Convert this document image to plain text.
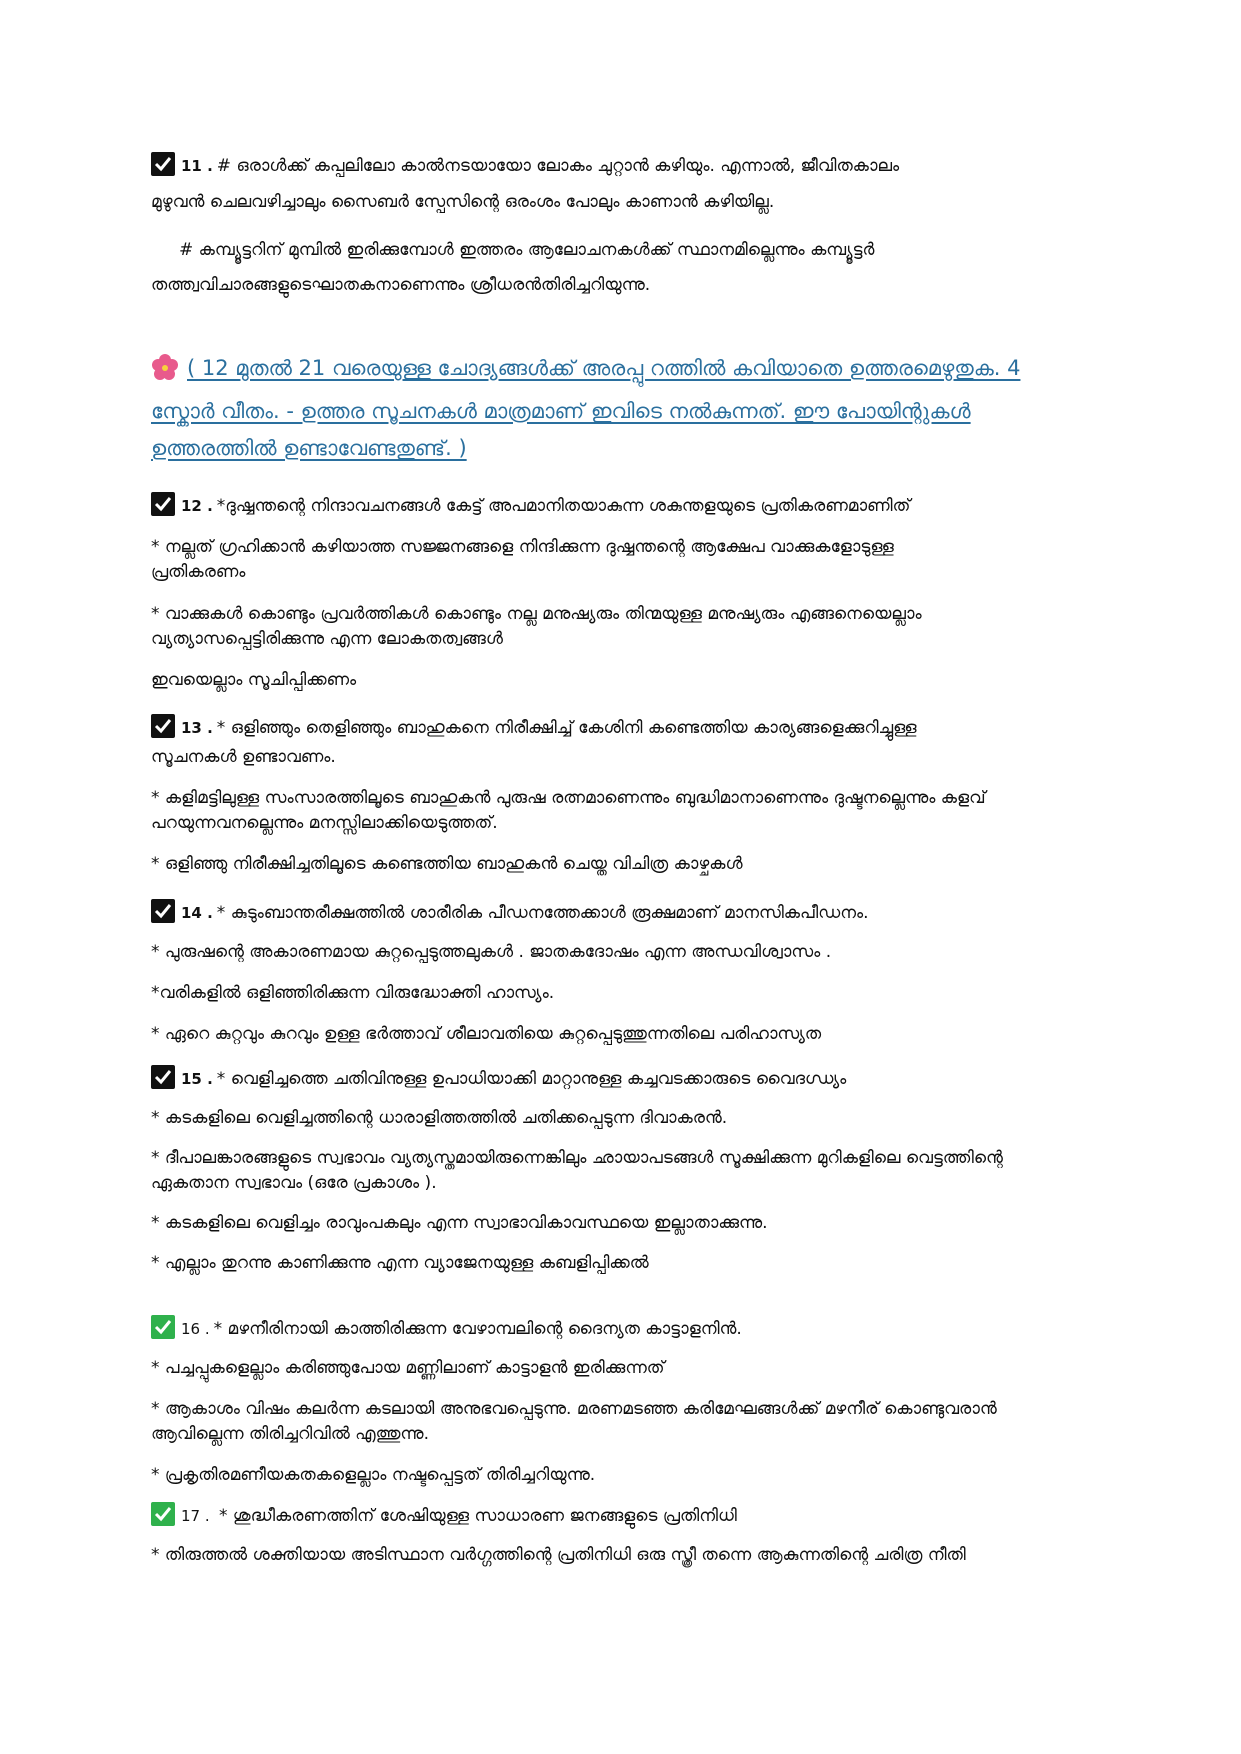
11 . # ഒരാൾക്ക് കപ്പലിലോ കാൽനടയായോ ലോകം ചുറ്റാൻ കഴിയും. എന്നാൽ, ജീവിതകാലം

മുഴുവൻ ചെലവഴിച്ചാലും സൈബർ സ്പേസിന്റെ ഒരംശം പോലും കാണാൻ കഴിയില്ല.

# കമ്പ്യൂട്ടറിന് മുമ്പിൽ ഇരിക്കുമ്പോൾ ഇത്തരം ആലോചനകൾക്ക് സ്ഥാനമില്ലെന്നും കമ്പ്യൂട്ടർ

തത്ത്വവിചാരങ്ങളുടെഘാതകനാണെന്നും ശ്രീധരൻതിരിച്ചറിയുന്നു.

( 12 മുതൽ 21 വരെയുള്ള ചോദ്യങ്ങൾക്ക് അരപ്പു റത്തിൽ കവിയാതെ ഉത്തരമെഴുതുക. 4

സ്കോർ വീതം. - ഉത്തര സൂചനകൾ മാത്രമാണ് ഇവിടെ നൽകുന്നത്. ഈ പോയിന്റുകൾ

ഉത്തരത്തിൽ ഉണ്ടാവേണ്ടതുണ്ട്. )

12 . *ദുഷ്ഷന്തന്റെ നിന്ദാവചനങ്ങൾ കേട്ട് അപമാനിതയാകുന്ന ശകുന്തളയുടെ പ്രതികരണമാണിത്

* നല്ലത് ഗ്രഹിക്കാൻ കഴിയാത്ത സജ്ജനങ്ങളെ നിന്ദിക്കുന്ന ദുഷ്ഷന്തന്റെ ആക്ഷേപ വാക്കുകളോടുള്ള

പ്രതികരണം

* വാക്കുകൾ കൊണ്ടും പ്രവർത്തികൾ കൊണ്ടും നല്ല മനുഷ്യരും തിന്മയുള്ള മനുഷ്യരും എങ്ങനെയെല്ലാം

വ്യത്യാസപ്പെട്ടിരിക്കുന്നു എന്ന ലോകതത്വങ്ങൾ

ഇവയെല്ലാം സൂചിപ്പിക്കണം

13 . * ഒളിഞ്ഞും തെളിഞ്ഞും ബാഹുകനെ നിരീക്ഷിച്ച് കേശിനി കണ്ടെത്തിയ കാര്യങ്ങളെക്കുറിച്ചുള്ള

സൂചനകൾ ഉണ്ടാവണം.

* കളിമട്ടിലുള്ള സംസാരത്തിലൂടെ ബാഹുകൻ പുരുഷ രത്നമാണെന്നും ബുദ്ധിമാനാണെന്നും ദുഷ്ടനല്ലെന്നും കളവ്

പറയുന്നവനല്ലെന്നും മനസ്സിലാക്കിയെടുത്തത്.

* ഒളിഞ്ഞു നിരീക്ഷിച്ചതിലൂടെ കണ്ടെത്തിയ ബാഹുകൻ ചെയ്ത വിചിത്ര കാഴ്ചകൾ

14 . * കുടുംബാന്തരീക്ഷത്തിൽ ശാരീരിക പീഡനത്തേക്കാൾ രൂക്ഷമാണ് മാനസികപീഡനം.

* പുരുഷന്റെ അകാരണമായ കുറ്റപ്പെടുത്തലുകൾ . ജാതകദോഷം എന്ന അന്ധവിശ്വാസം .

*വരികളിൽ ഒളിഞ്ഞിരിക്കുന്ന വിരുദ്ധോക്തി ഹാസ്യം.

* ഏറെ കുറ്റവും കുറവും ഉള്ള ഭർത്താവ് ശീലാവതിയെ കുറ്റപ്പെടുത്തുന്നതിലെ പരിഹാസ്യത

15 . * വെളിച്ചത്തെ ചതിവിനുള്ള ഉപാധിയാക്കി മാറ്റാനുള്ള കച്ചവടക്കാരുടെ വൈദഗ്ധ്യം

* കടകളിലെ വെളിച്ചത്തിന്റെ ധാരാളിത്തത്തിൽ ചതിക്കപ്പെടുന്ന ദിവാകരൻ.

* ദീപാലങ്കാരങ്ങളുടെ സ്വഭാവം വ്യത്യസ്തമായിരുന്നെങ്കിലും ഛായാപടങ്ങൾ സൂക്ഷിക്കുന്ന മുറികളിലെ വെട്ടത്തിന്റെ

ഏകതാന സ്വഭാവം (ഒരേ പ്രകാശം ).

* കടകളിലെ വെളിച്ചം രാവുംപകലും എന്ന സ്വാഭാവികാവസ്ഥയെ ഇല്ലാതാക്കുന്നു.

* എല്ലാം തുറന്നു കാണിക്കുന്നു എന്ന വ്യാജേനയുള്ള കബളിപ്പിക്കൽ

16 . * മഴനീരിനായി കാത്തിരിക്കുന്ന വേഴാമ്പലിന്റെ ദൈന്യത കാട്ടാളനിൻ.

* പച്ചപ്പുകളെല്ലാം കരിഞ്ഞുപോയ മണ്ണിലാണ് കാട്ടാളൻ ഇരിക്കുന്നത്

* ആകാശം വിഷം കലർന്ന കടലായി അനുഭവപ്പെടുന്നു. മരണമടഞ്ഞ കരിമേഘങ്ങൾക്ക് മഴനീര് കൊണ്ടുവരാൻ

ആവില്ലെന്ന തിരിച്ചറിവിൽ എത്തുന്നു.

* പ്രകൃതിരമണീയകതകളെല്ലാം നഷ്ടപ്പെട്ടത് തിരിച്ചറിയുന്നു.

17 . * ശുദ്ധീകരണത്തിന് ശേഷിയുള്ള സാധാരണ ജനങ്ങളുടെ പ്രതിനിധി

* തിരുത്തൽ ശക്തിയായ അടിസ്ഥാന വർഗ്ഗത്തിന്റെ പ്രതിനിധി ഒരു സ്ത്രീ തന്നെ ആകുന്നതിന്റെ ചരിത്ര നീതി
